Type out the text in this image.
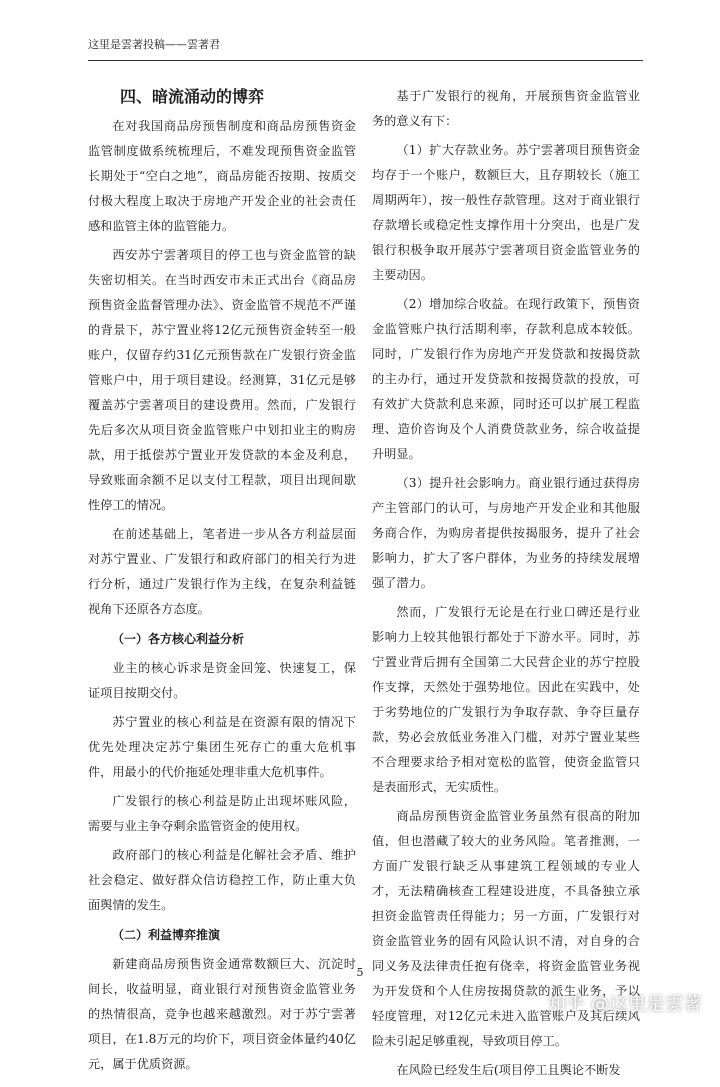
这里是雲著投稿——雲著君

四、暗流涌动的博弈

在对我国商品房预售制度和商品房预售资金监管制度做系统梳理后，不难发现预售资金监管长期处于“空白之地”，商品房能否按期、按质交付极大程度上取决于房地产开发企业的社会责任感和监管主体的监管能力。

西安苏宁雲著项目的停工也与资金监管的缺失密切相关。在当时西安市未正式出台《商品房预售资金监督管理办法》、资金监管不规范不严谨的背景下，苏宁置业将12亿元预售资金转至一般账户，仅留存约31亿元预售款在广发银行资金监管账户中，用于项目建设。经测算，31亿元是够覆盖苏宁雲著项目的建设费用。然而，广发银行先后多次从项目资金监管账户中划扣业主的购房款，用于抵偿苏宁置业开发贷款的本金及利息，导致账面余额不足以支付工程款，项目出现间歇性停工的情况。

在前述基础上，笔者进一步从各方利益层面对苏宁置业、广发银行和政府部门的相关行为进行分析，通过广发银行作为主线，在复杂利益链视角下还原各方态度。

（一）各方核心利益分析

业主的核心诉求是资金回笼、快速复工，保证项目按期交付。

苏宁置业的核心利益是在资源有限的情况下优先处理决定苏宁集团生死存亡的重大危机事件，用最小的代价拖延处理非重大危机事件。

广发银行的核心利益是防止出现坏账风险，需要与业主争夺剩余监管资金的使用权。

政府部门的核心利益是化解社会矛盾、维护社会稳定、做好群众信访稳控工作，防止重大负面舆情的发生。

（二）利益博弈推演

新建商品房预售资金通常数额巨大、沉淀时间长，收益明显，商业银行对预售资金监管业务的热情很高，竞争也越来越激烈。对于苏宁雲著项目，在1.8万元的均价下，项目资金体量约40亿元，属于优质资源。

基于广发银行的视角，开展预售资金监管业务的意义有下：

（1）扩大存款业务。苏宁雲著项目预售资金均存于一个账户，数额巨大，且存期较长（施工周期两年），按一般性存款管理。这对于商业银行存款增长或稳定性支撑作用十分突出，也是广发银行积极争取开展苏宁雲著项目资金监管业务的主要动因。

（2）增加综合收益。在现行政策下，预售资金监管账户执行活期利率，存款利息成本较低。同时，广发银行作为房地产开发贷款和按揭贷款的主办行，通过开发贷款和按揭贷款的投放，可有效扩大贷款利息来源，同时还可以扩展工程监理、造价咨询及个人消费贷款业务，综合收益提升明显。

（3）提升社会影响力。商业银行通过获得房产主管部门的认可，与房地产开发企业和其他服务商合作，为购房者提供按揭服务，提升了社会影响力，扩大了客户群体，为业务的持续发展增强了潜力。

然而，广发银行无论是在行业口碑还是行业影响力上较其他银行都处于下游水平。同时，苏宁置业背后拥有全国第二大民营企业的苏宁控股作支撑，天然处于强势地位。因此在实践中，处于劣势地位的广发银行为争取存款、争夺巨量存款，势必会放低业务准入门槛，对苏宁置业某些不合理要求给予相对宽松的监管，使资金监管只是表面形式，无实质性。

商品房预售资金监管业务虽然有很高的附加值，但也潜藏了较大的业务风险。笔者推测，一方面广发银行缺乏从事建筑工程领域的专业人才，无法精确核查工程建设进度，不具备独立承担资金监管责任得能力；另一方面，广发银行对资金监管业务的固有风险认识不清，对自身的合同义务及法律责任抱有侥幸，将资金监管业务视为开发贷和个人住房按揭贷款的派生业务，予以轻度管理，对12亿元未进入监管账户及其后续风险未引起足够重视，导致项目停工。

在风险已经发生后(项目停工且舆论不断发

5
知乎 @这里是雲著
